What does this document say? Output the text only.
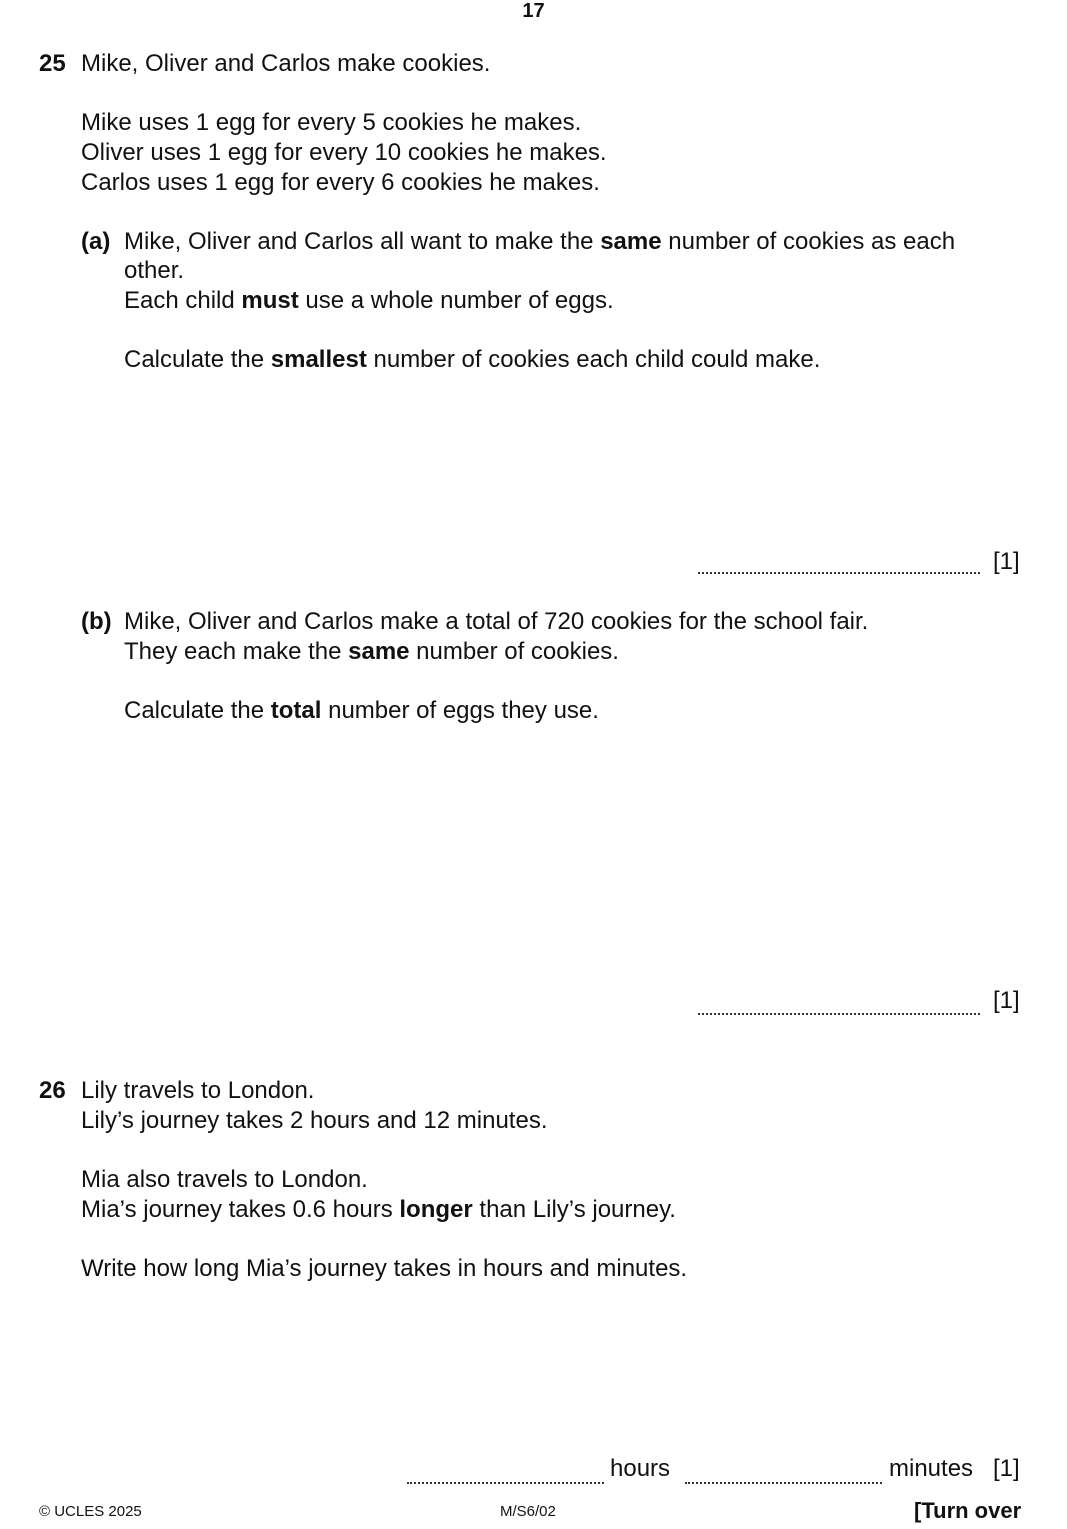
17
25 Mike, Oliver and Carlos make cookies.
Mike uses 1 egg for every 5 cookies he makes.
Oliver uses 1 egg for every 10 cookies he makes.
Carlos uses 1 egg for every 6 cookies he makes.
(a) Mike, Oliver and Carlos all want to make the same number of cookies as each
other.
Each child must use a whole number of eggs.
Calculate the smallest number of cookies each child could make.
[1]
(b) Mike, Oliver and Carlos make a total of 720 cookies for the school fair.
They each make the same number of cookies.
Calculate the total number of eggs they use.
[1]
26 Lily travels to London.
Lily’s journey takes 2 hours and 12 minutes.
Mia also travels to London.
Mia’s journey takes 0.6 hours longer than Lily’s journey.
Write how long Mia’s journey takes in hours and minutes.
hours	minutes [1]
© UCLES 2025	M/S6/02	[Turn over
